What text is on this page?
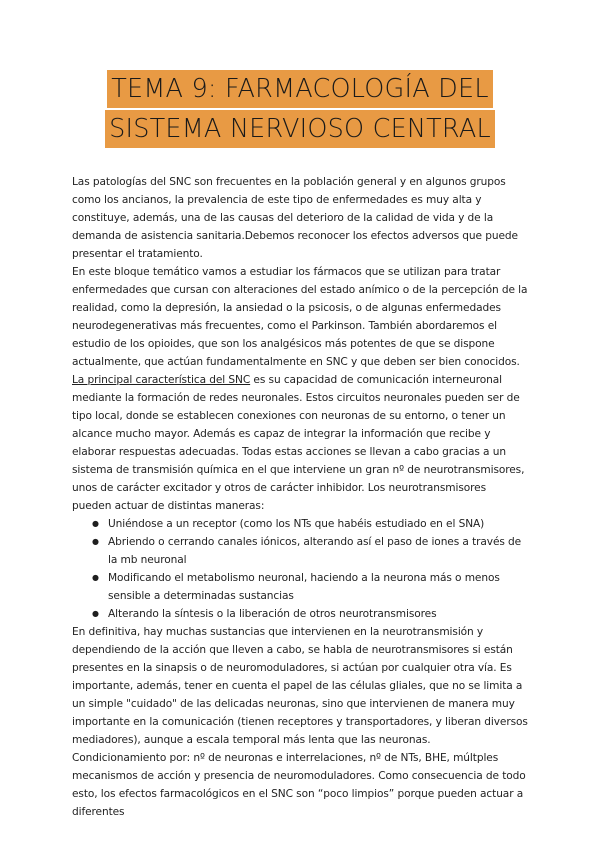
TEMA 9: FARMACOLOGÍA DEL
SISTEMA NERVIOSO CENTRAL

Las patologías del SNC son frecuentes en la población general y en algunos grupos como los ancianos, la prevalencia de este tipo de enfermedades es muy alta y constituye, además, una de las causas del deterioro de la calidad de vida y de la demanda de asistencia sanitaria.Debemos reconocer los efectos adversos que puede presentar el tratamiento.

En este bloque temático vamos a estudiar los fármacos que se utilizan para tratar enfermedades que cursan con alteraciones del estado anímico o de la percepción de la realidad, como la depresión, la ansiedad o la psicosis, o de algunas enfermedades neurodegenerativas más frecuentes, como el Parkinson. También abordaremos el estudio de los opioides, que son los analgésicos más potentes de que se dispone actualmente, que actúan fundamentalmente en SNC y que deben ser bien conocidos.

La principal característica del SNC es su capacidad de comunicación interneuronal mediante la formación de redes neuronales. Estos circuitos neuronales pueden ser de tipo local, donde se establecen conexiones con neuronas de su entorno, o tener un alcance mucho mayor. Además es capaz de integrar la información que recibe y elaborar respuestas adecuadas. Todas estas acciones se llevan a cabo gracias a un sistema de transmisión química en el que interviene un gran nº de neurotransmisores, unos de carácter excitador y otros de carácter inhibidor. Los neurotransmisores pueden actuar de distintas maneras:

● Uniéndose a un receptor (como los NTs que habéis estudiado en el SNA)
● Abriendo o cerrando canales iónicos, alterando así el paso de iones a través de la mb neuronal
● Modificando el metabolismo neuronal, haciendo a la neurona más o menos sensible a determinadas sustancias
● Alterando la síntesis o la liberación de otros neurotransmisores

En definitiva, hay muchas sustancias que intervienen en la neurotransmisión y dependiendo de la acción que lleven a cabo, se habla de neurotransmisores si están presentes en la sinapsis o de neuromoduladores, si actúan por cualquier otra vía. Es importante, además, tener en cuenta el papel de las células gliales, que no se limita a un simple "cuidado" de las delicadas neuronas, sino que intervienen de manera muy importante en la comunicación (tienen receptores y transportadores, y liberan diversos mediadores), aunque a escala temporal más lenta que las neuronas.

Condicionamiento por: nº de neuronas e interrelaciones, nº de NTs, BHE, múltples mecanismos de acción y presencia de neuromoduladores. Como consecuencia de todo esto, los efectos farmacológicos en el SNC son “poco limpios” porque pueden actuar a diferentes
